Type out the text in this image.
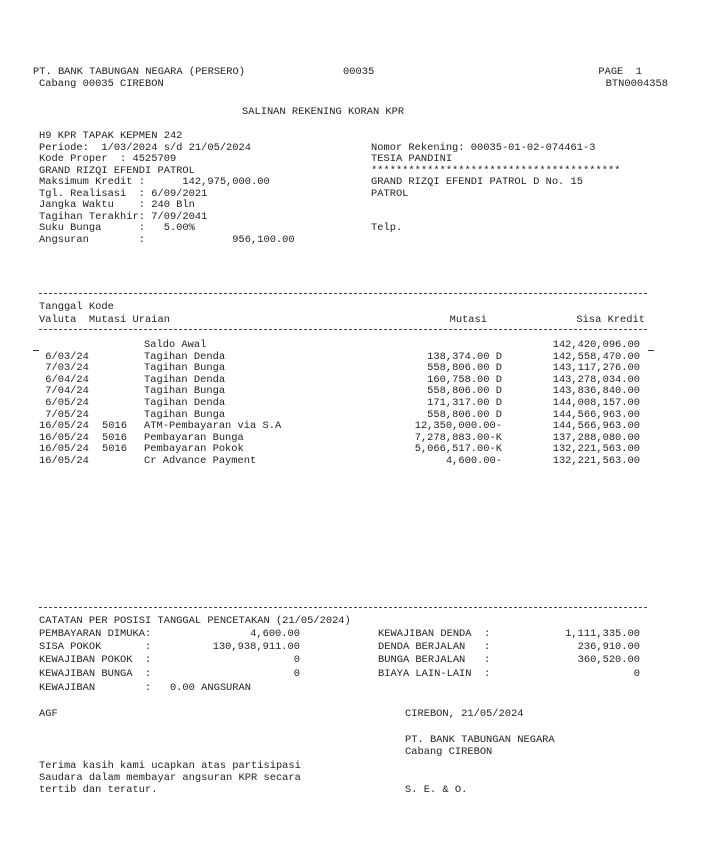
PT. BANK TABUNGAN NEGARA (PERSERO)
Cabang 00035 CIREBON
00035	PAGE  1
BTN0004358
SALINAN REKENING KORAN KPR
H9 KPR TAPAK KEPMEN 242
Periode:  1/03/2024 s/d 21/05/2024
Kode Proper  : 4525709
GRAND RIZQI EFENDI PATROL
Maksimum Kredit :      142,975,000.00
Tgl. Realisasi  : 6/09/2021
Jangka Waktu    : 240 Bln
Tagihan Terakhir: 7/09/2041
Suku Bunga      :   5.00%
Angsuran        :              956,100.00
Nomor Rekening: 00035-01-02-074461-3
TESIA PANDINI
****************************************
GRAND RIZQI EFENDI PATROL D No. 15
PATROL
Telp.
Tanggal Kode
Valuta  Mutasi Uraian	Mutasi	Sisa Kredit
Saldo Awal	142,420,096.00
6/03/24	Tagihan Denda	138,374.00 D	142,558,470.00
7/03/24	Tagihan Bunga	558,806.00 D	143,117,276.00
6/04/24	Tagihan Denda	160,758.00 D	143,278,034.00
7/04/24	Tagihan Bunga	558,806.00 D	143,836,840.00
6/05/24	Tagihan Denda	171,317.00 D	144,008,157.00
7/05/24	Tagihan Bunga	558,806.00 D	144,566,963.00
16/05/24 5016 ATM-Pembayaran via S.A	12,350,000.00-	144,566,963.00
16/05/24 5016 Pembayaran Bunga	7,278,883.00-K	137,288,080.00
16/05/24 5016 Pembayaran Pokok	5,066,517.00-K	132,221,563.00
16/05/24	Cr Advance Payment	4,600.00-	132,221,563.00
CATATAN PER POSISI TANGGAL PENCETAKAN (21/05/2024)
PEMBAYARAN DIMUKA:	4,600.00
SISA POKOK       :	130,938,911.00
KEWAJIBAN POKOK  :	0
KEWAJIBAN BUNGA  :	0
KEWAJIBAN DENDA  :	1,111,335.00
DENDA BERJALAN   :	236,910.00
BUNGA BERJALAN   :	360,520.00
BIAYA LAIN-LAIN  :	0
KEWAJIBAN        :   0.00 ANGSURAN
AGF	CIREBON, 21/05/2024
PT. BANK TABUNGAN NEGARA
Cabang CIREBON
Terima kasih kami ucapkan atas partisipasi
Saudara dalam membayar angsuran KPR secara
tertib dan teratur.	S. E. & O.
